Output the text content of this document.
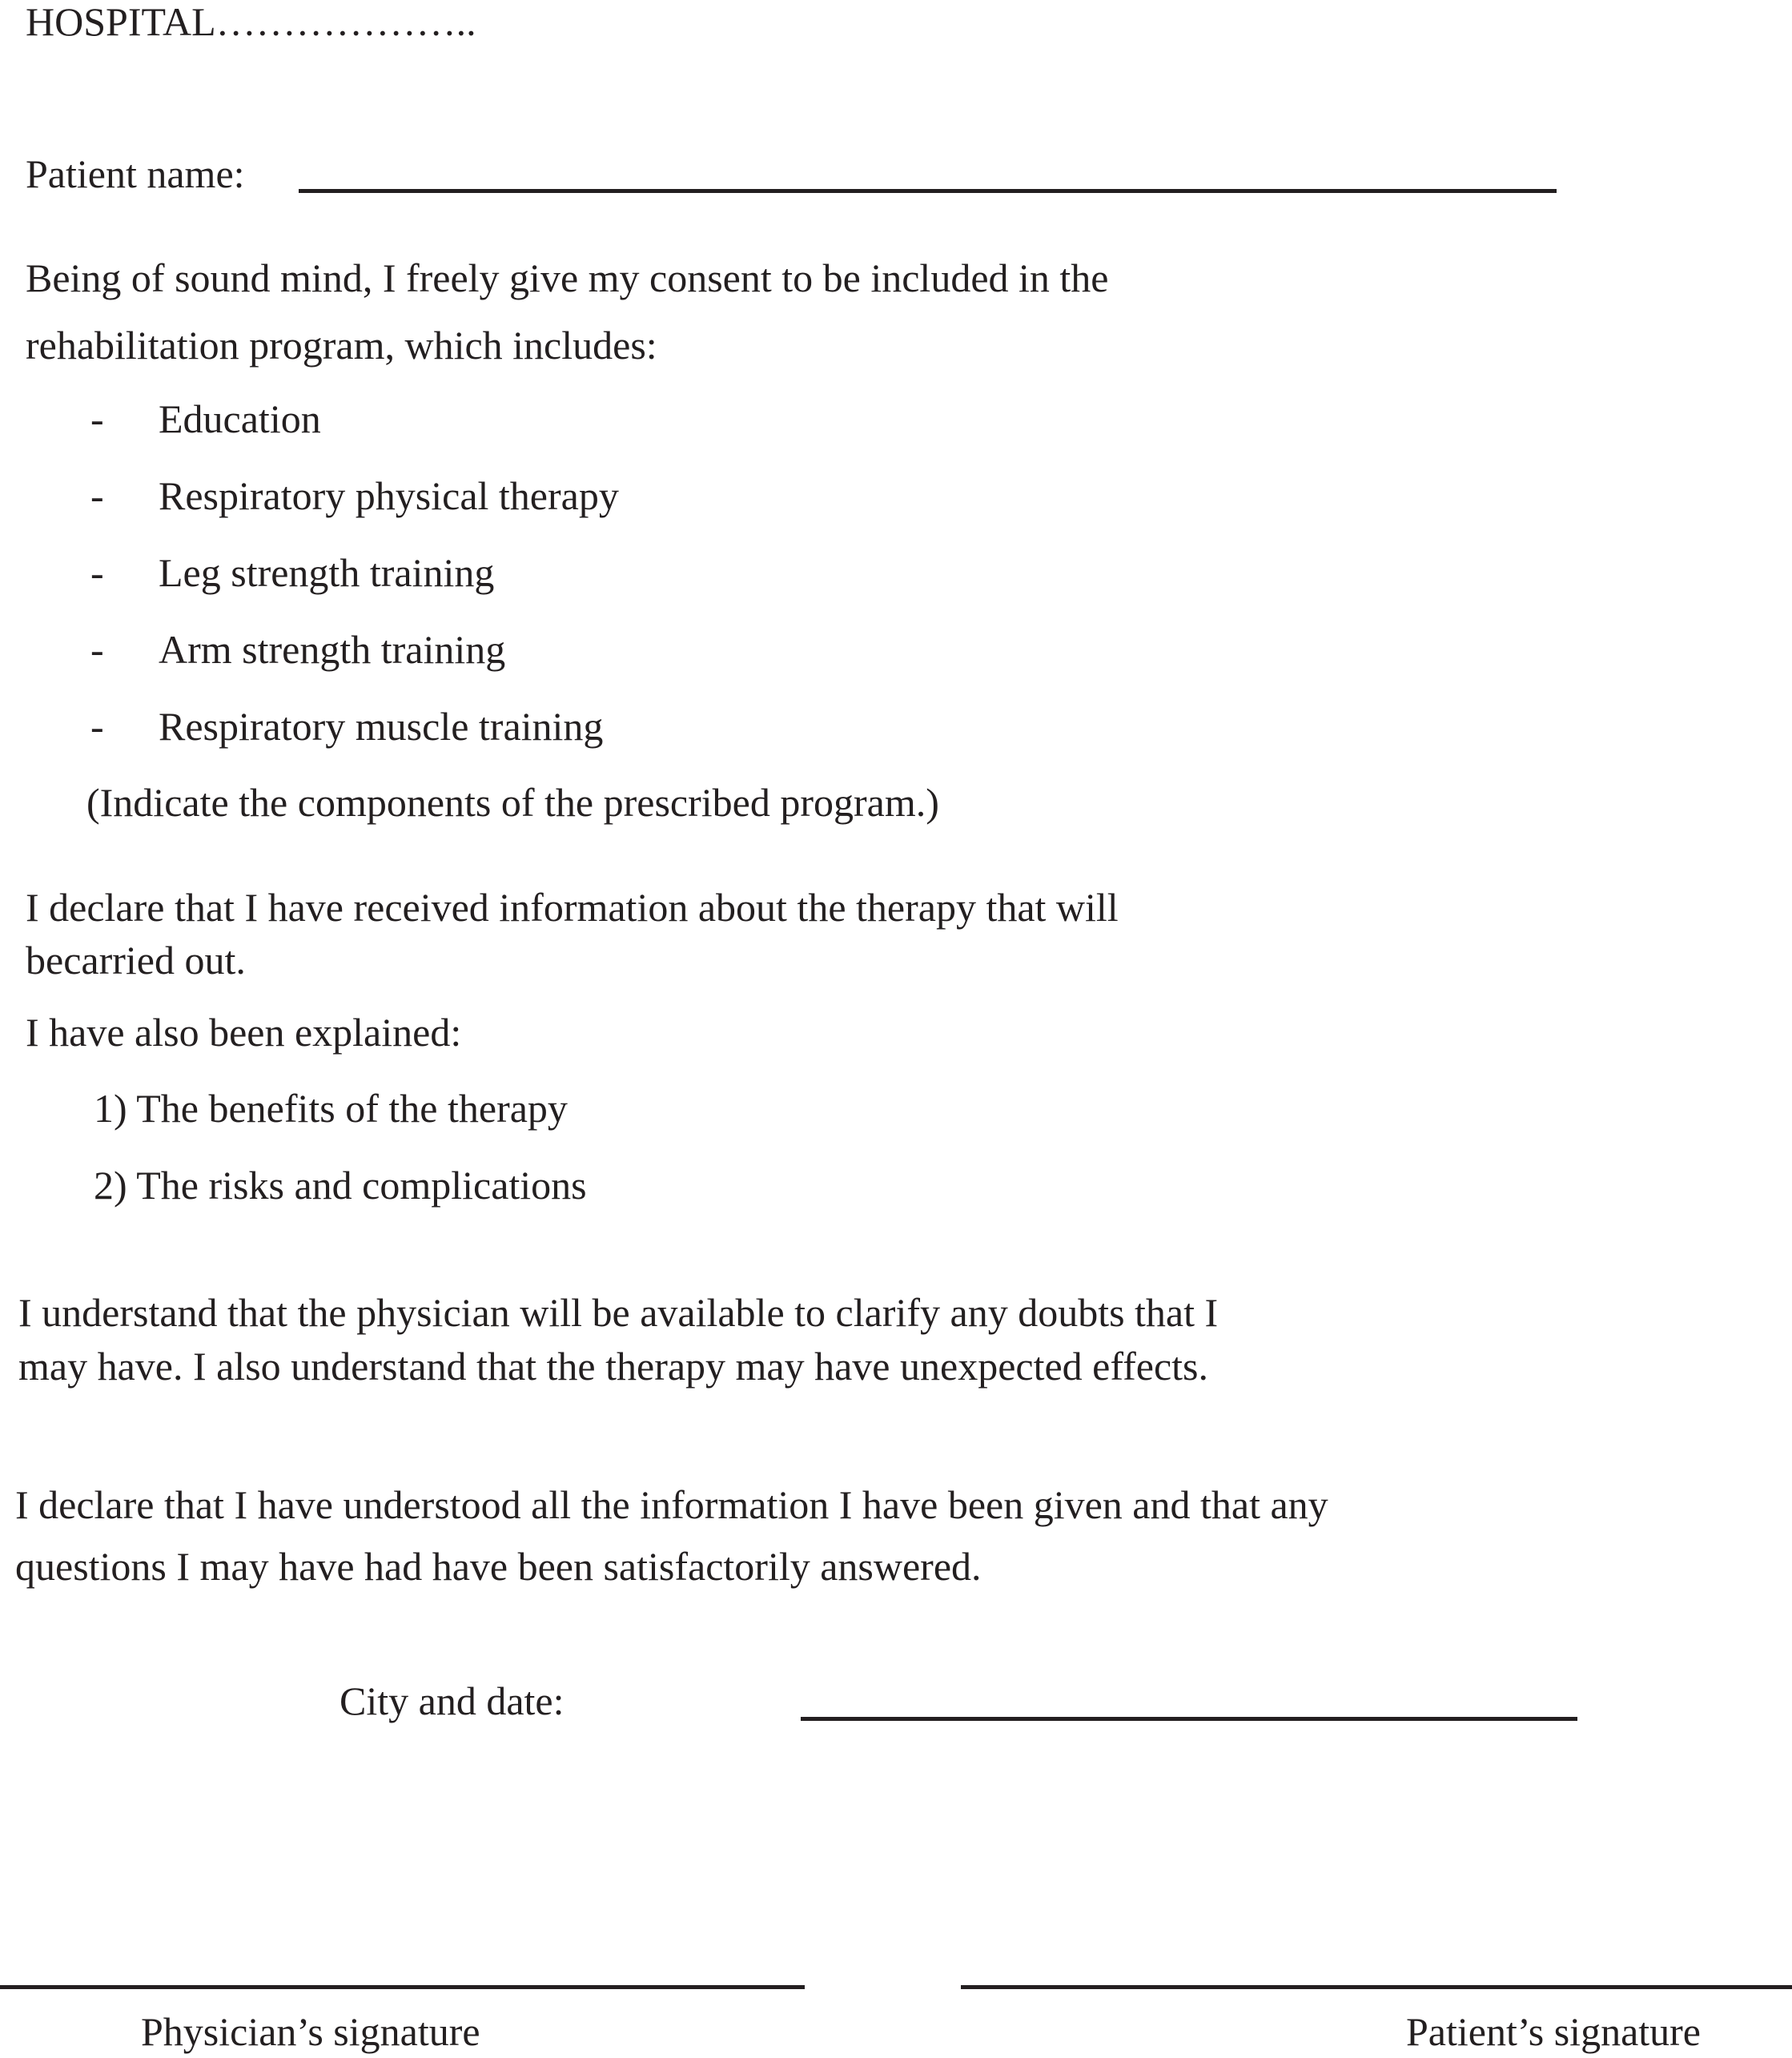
HOSPITAL………………..
Patient name:
Being of sound mind, I freely give my consent to be included in the
rehabilitation program, which includes:
- Education
- Respiratory physical therapy
- Leg strength training
- Arm strength training
- Respiratory muscle training
(Indicate the components of the prescribed program.)
I declare that I have received information about the therapy that will
becarried out.
I have also been explained:
1) The benefits of the therapy
2) The risks and complications
I understand that the physician will be available to clarify any doubts that I
may have. I also understand that the therapy may have unexpected effects.
I declare that I have understood all the information I have been given and that any
questions I may have had have been satisfactorily answered.
City and date:
Physician’s signature	Patient’s signature
